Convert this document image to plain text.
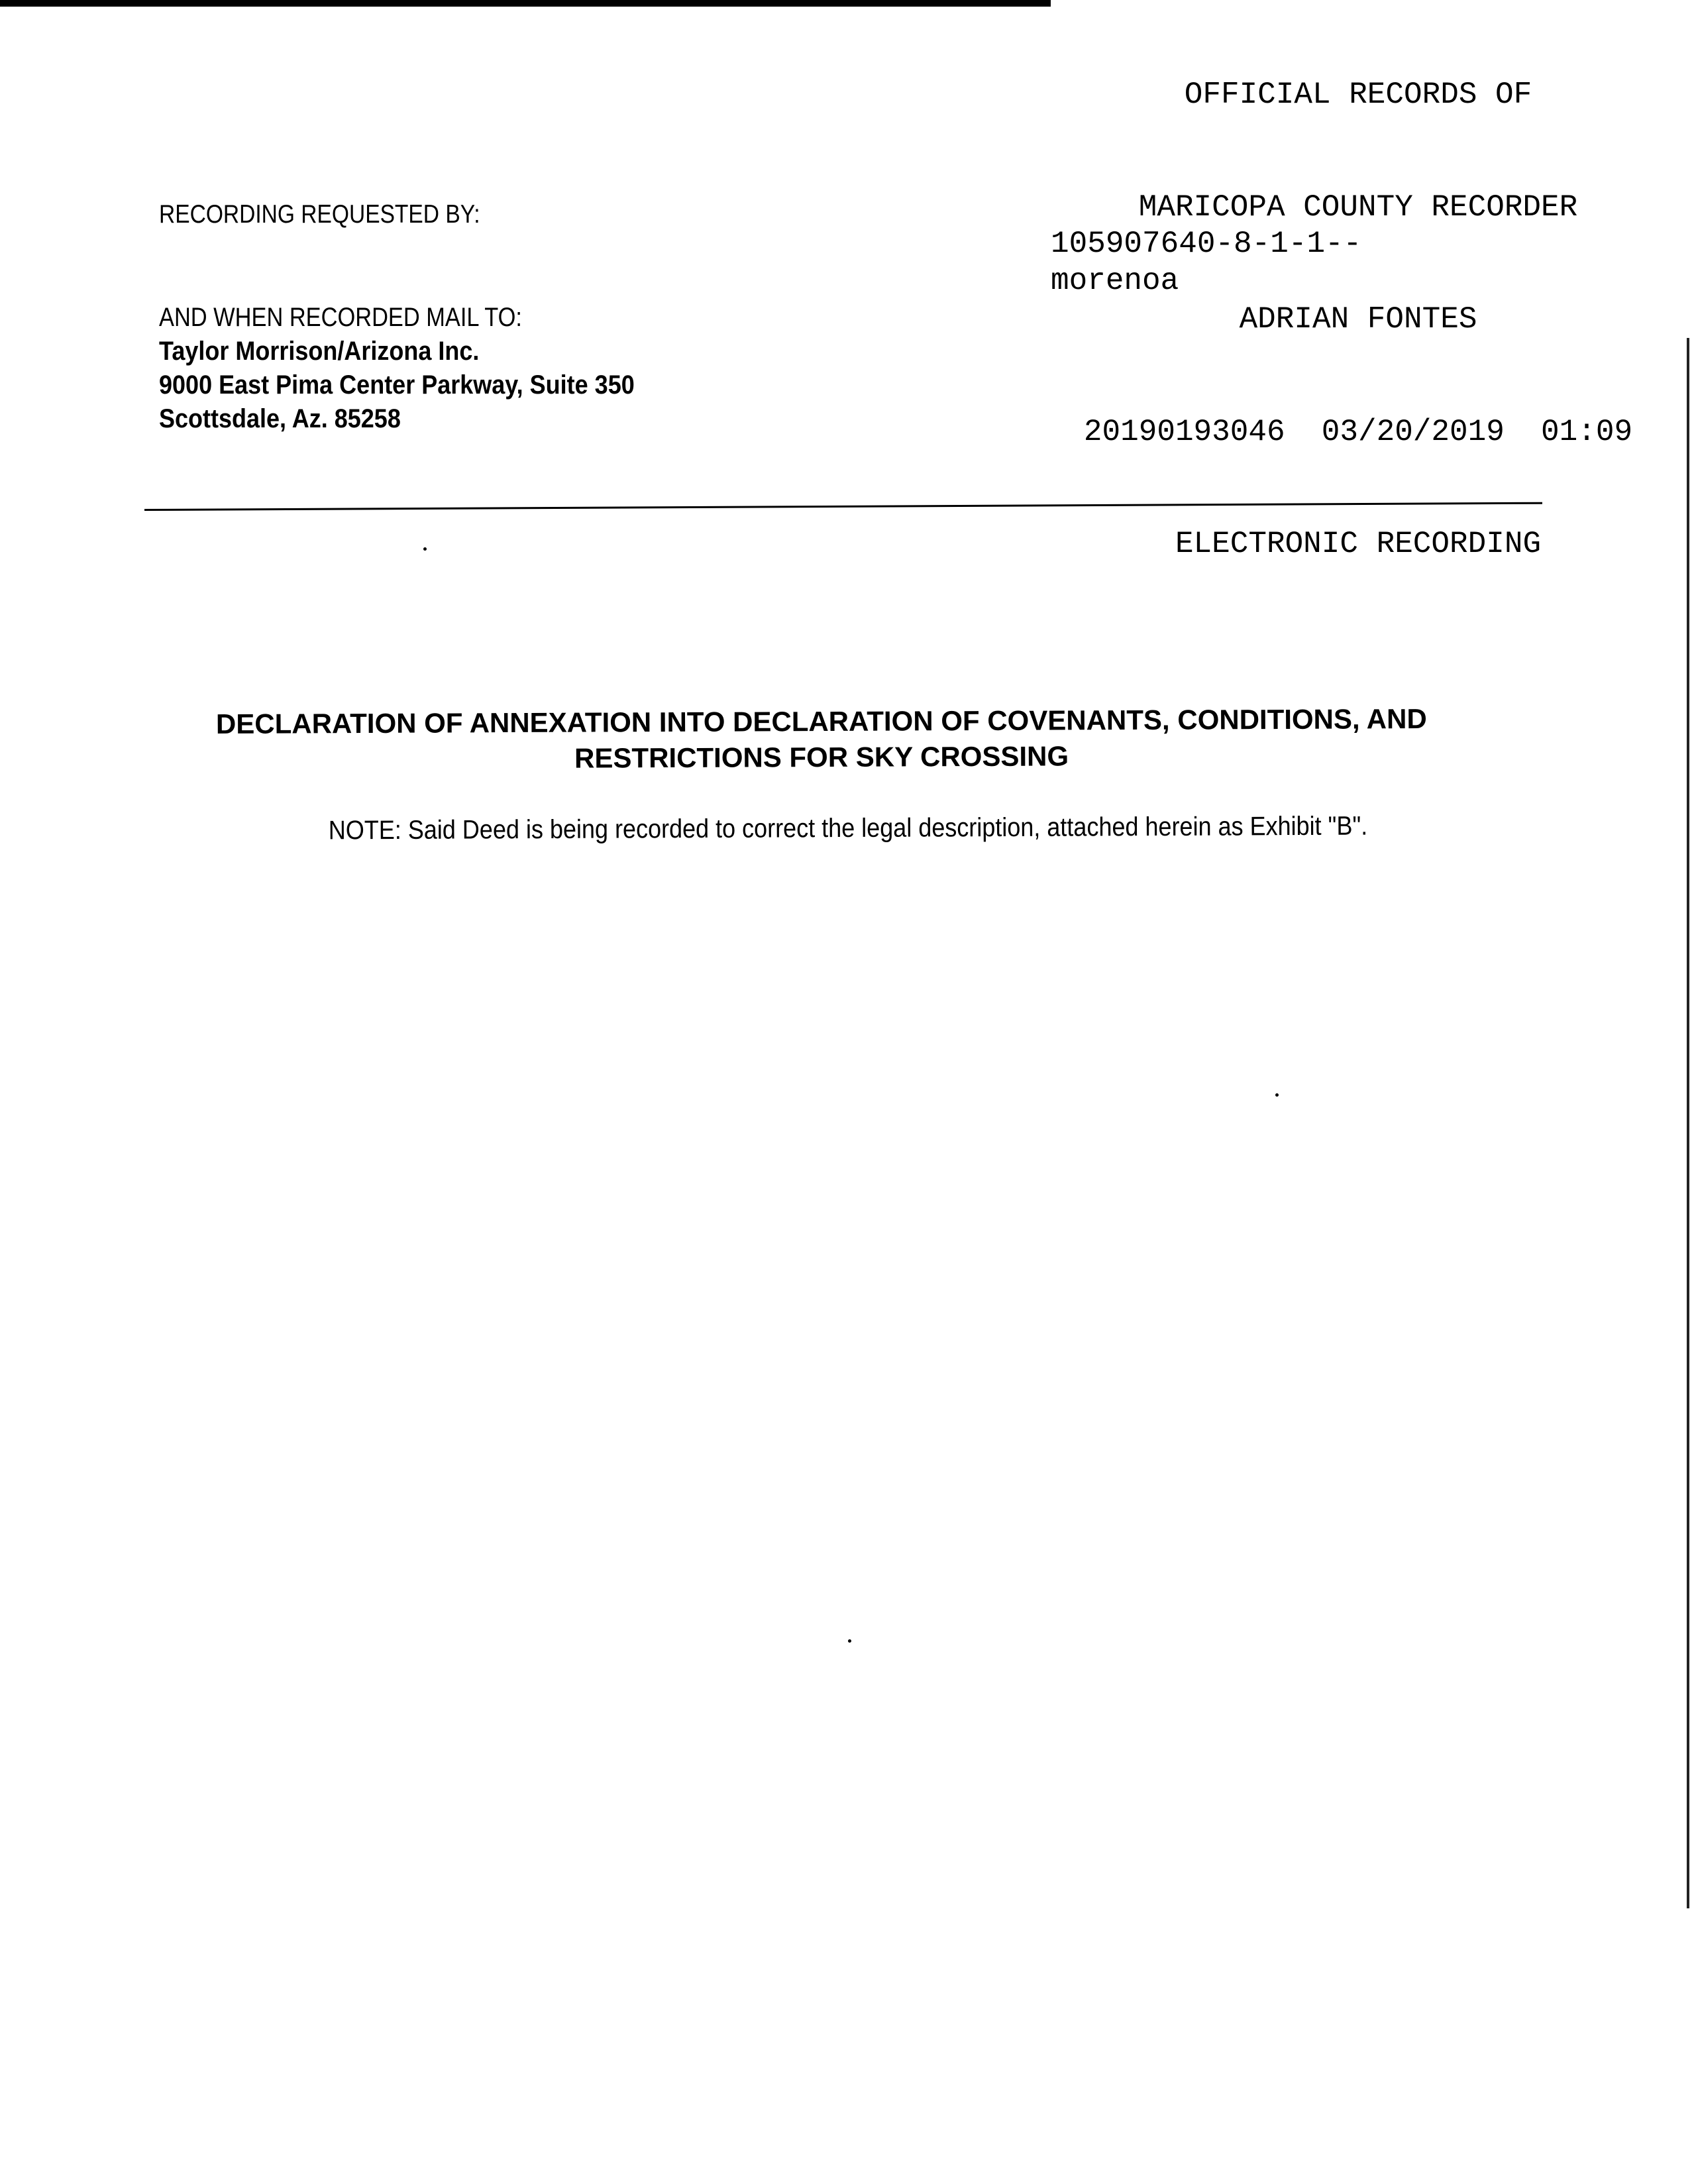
OFFICIAL RECORDS OF

MARICOPA COUNTY RECORDER

ADRIAN FONTES

20190193046  03/20/2019  01:09

ELECTRONIC RECORDING

105907640-8-1-1--
morenoa
RECORDING REQUESTED BY:
AND WHEN RECORDED MAIL TO:
Taylor Morrison/Arizona Inc.
9000 East Pima Center Parkway, Suite 350
Scottsdale, Az. 85258
DECLARATION OF ANNEXATION INTO DECLARATION OF COVENANTS, CONDITIONS, AND
RESTRICTIONS FOR SKY CROSSING
NOTE: Said Deed is being recorded to correct the legal description, attached herein as Exhibit "B".
